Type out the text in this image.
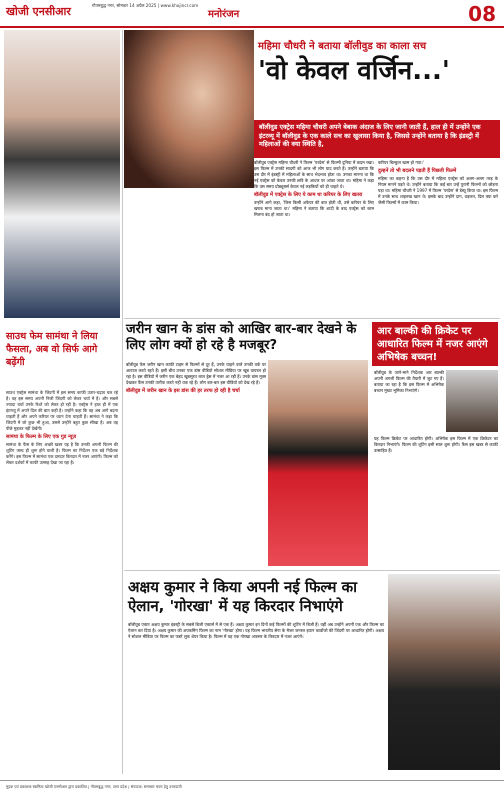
खोजी एनसीआर	गौतमबुद्ध नगर, सोमवार 14 अप्रैल 2025 | www.khojincr.com
मनोरंजन	08
साउथ फेम सामंथा ने लिया फैसला, अब वो सिर्फ आगे बढ़ेंगी
साउथ एक्ट्रेस सामंथा के जिंदगी में इस समय काफी उतार-चढ़ाव चल रहे हैं। वह इस समय अपनी निजी जिंदगी को लेकर चर्चा में है। और सबसे ज्यादा चर्चा उनके रिश्ते को लेकर हो रही है। एक्ट्रेस ने हाल ही में एक इंटरव्यू में अपने दिल की बात कही है। उन्होंने कहा कि वह अब आगे बढ़ना चाहती हैं और अपने करियर पर ध्यान देना चाहती हैं। सामंथा ने कहा कि जिंदगी में जो कुछ भी हुआ, उससे उन्होंने बहुत कुछ सीखा है। अब वह पीछे मुड़कर नहीं देखेंगी।
सामंथा के फिल्म के लिए एक गुड न्यूज़
सामंथा के फैंस के लिए अच्छी खबर यह है कि उनकी अगली फिल्म की शूटिंग जल्द ही शुरू होने वाली है। फिल्म का निर्देशन एक बड़े निर्देशक करेंगे। इस फिल्म में सामंथा एक दमदार किरदार में नजर आएंगी। फिल्म को लेकर दर्शकों में काफी उत्साह देखा जा रहा है।
महिमा चौधरी ने बताया बॉलीवुड का काला सच
'वो केवल वर्जिन...'
बॉलीवुड एक्ट्रेस महिमा चौधरी अपने बेबाक अंदाज के लिए जानी जाती हैं, हाल ही में उन्होंने एक इंटरव्यू में बॉलीवुड के एक काले सच का खुलासा किया है, जिससे उन्होंने बताया है कि इंडस्ट्री में महिलाओं की क्या स्थिति है,
बॉलीवुड एक्ट्रेस महिमा चौधरी ने फिल्म 'परदेस' से फिल्मी दुनिया में कदम रखा। इस फिल्म में उनकी सादगी को आज भी लोग याद करते हैं। उन्होंने बताया कि उस दौर में इंडस्ट्री में महिलाओं के साथ भेदभाव होता था। उनका मानना था कि नई एक्ट्रेस को केवल उनकी छवि के आधार पर आंका जाता था। महिमा ने कहा कि उस समय प्रोड्यूसर्स केवल नई लड़कियों को ही चाहते थे।
बॉलीवुड में एक्ट्रेस के लिए ये काम था करियर के लिए खतरा
उन्होंने आगे कहा, 'जिस किसी अफेयर की बात होती थी, उसे करियर के लिए खराब माना जाता था।' महिमा ने बताया कि शादी के बाद एक्ट्रेस को काम मिलना बंद हो जाता था।
करियर बिल्कुल खत्म हो गया।'
दुल्हनें तो भी बदलने पड़ती हैं पिछली फिल्में
महिमा का कहना है कि उस दौर में महिला एक्ट्रेस को अलग-अलग तरह के नियम मानने पड़ते थे। उन्होंने बताया कि कई बार उन्हें पुरानी फिल्मों को छोड़ना पड़ा था। महिमा चौधरी ने 1997 में फिल्म 'परदेस' से डेब्यू किया था। इस फिल्म में उनके साथ शाहरुख खान थे। इसके बाद उन्होंने दाग, धड़कन, दिल क्या करे जैसी फिल्मों में काम किया।
जरीन खान के डांस को आखिर बार-बार देखने के लिए लोग क्यों हो रहे है मजबूर?
बॉलीवुड फेम जरीन खान काफी टाइम से फिल्मों से दूर हैं, उनके चाहने वाले उनकी वर्क पर आवाज करते रहते हैं। इसी बीच उनका एक डांस वीडियो सोशल मीडिया पर खूब वायरल हो रहा है। इस वीडियो में जरीन एक बेहद खूबसूरत लाल ड्रेस में नजर आ रही हैं। उनके डांस मूव्स देखकर फैंस उनकी तारीफ करते नहीं थक रहे हैं। लोग बार-बार इस वीडियो को देख रहे हैं।
बॉलीवुड में जरीन खान के इस डांस की हर तरफ हो रही है चर्चा
आर बाल्की की क्रिकेट पर आधारित फिल्म में नजर आएंगे अभिषेक बच्चन!
बॉलीवुड के जाने-माने निर्देशक आर बाल्की अपनी अगली फिल्म की तैयारी में जुट गए हैं। बताया जा रहा है कि इस फिल्म में अभिषेक बच्चन मुख्य भूमिका निभाएंगे।
यह फिल्म क्रिकेट पर आधारित होगी। अभिषेक इस फिल्म में एक क्रिकेटर का किरदार निभाएंगे। फिल्म की शूटिंग इसी साल शुरू होगी। फैंस इस खबर से काफी उत्साहित हैं।
अक्षय कुमार ने किया अपनी नई फिल्म का ऐलान, 'गोरखा' में यह किरदार निभाएंगे
बॉलीवुड एक्टर अक्षय कुमार इंडस्ट्री के सबसे बिजी एक्टर्स में से एक हैं। अक्षय कुमार इन दिनों कई फिल्मों की शूटिंग में बिजी हैं। वहीं अब उन्होंने अपनी एक और फिल्म का ऐलान कर दिया है। अक्षय कुमार की अपकमिंग फिल्म का नाम 'गोरखा' होगा। यह फिल्म भारतीय सेना के मेजर जनरल इयान कार्डोजो की जिंदगी पर आधारित होगी। अक्षय ने सोशल मीडिया पर फिल्म का फर्स्ट लुक शेयर किया है। फिल्म में वह एक गोरखा अफसर के किरदार में नजर आएंगे।
मुद्रक एवं प्रकाशक स्वामित्व खोजी एनसीआर द्वारा प्रकाशित | गौतमबुद्ध नगर, उत्तर प्रदेश | संपादक: समाचार चयन हेतु उत्तरदायी
